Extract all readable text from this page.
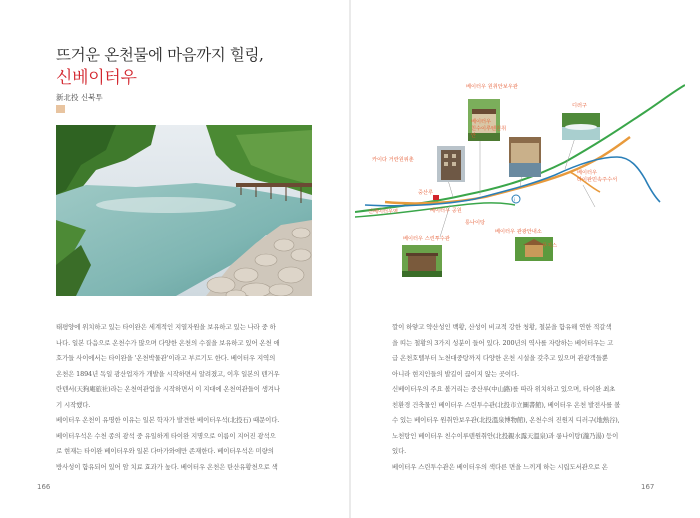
뜨거운 온천물에 마음까지 힐링,
신베이터우
新北投 신북투

태평양에 위치하고 있는 타이완은 세계적인 지열자원을 보유하고 있는 나라 중 하

나다. 일본 다음으로 온천수가 많으며 다양한 온천의 수질을 보유하고 있어 온천 애

호가들 사이에서는 타이완을 '온천박물관'이라고 부르기도 한다. 베이터우 지역의

온천은 1894년 독일 광산업자가 개발을 시작하면서 알려졌고, 이후 일본의 텐거우

란텐서(天狗庵旅社)라는 온천여관업을 시작하면서 이 지대에 온천여관들이 생겨나

기 시작했다.

베이터우 온천이 유명한 이유는 일본 학자가 발견한 베이터우석(北投石) 때문이다.

베이터우석은 수천 종의 광석 중 유일하게 타이완 지명으로 이름이 지어진 광석으

로 현재는 타이완 베이터우와 일본 다마가와에만 존재한다. 베이터우석은 미량의

방사성이 함유되어 있어 암 치료 효과가 높다. 베이터우 온천은 탄산유황천으로 색

깔이 하얗고 약산성인 백황, 산성이 비교적 강한 청황, 철분을 함유해 연한 적갈색

을 띠는 철황의 3가지 성분이 들어 있다. 200년의 역사를 자랑하는 베이터우는 고

급 온천호텔부터 노천대중탕까지 다양한 온천 시설을 갖추고 있으며 관광객들뿐

아니라 현지인들의 발길이 끊이지 않는 곳이다.

신베이터우의 주요 볼거리는 중산루(中山路)를 따라 위치하고 있으며, 타이완 최초

친환경 건축물인 베이터우 스린투수관(北投市立圖書館), 베이터우 온천 발전사를 볼

수 있는 베이터우 원취안보우관(北投溫泉博物館), 온천수의 진원지 디러구(地熱谷),

노천탕인 베이터우 친수이루텐원취안(北投親水露天溫泉)과 룽나이탕(瀧乃湯) 등이

있다.

베이터우 스린투수관은 베이터우의 색다른 면을 느끼게 하는 시립도서관으로 온

166	167
i
베이터우 원취안보우관
디러구
베이터우
친수이루텐원취안
카이다 거란원위춘
중산루
신베이터우역	베이터우 공원
룽나이탕
베이터우 스린투수관
베이터우 관광안내소
베이터우
타이완민속주수서
푸지스
